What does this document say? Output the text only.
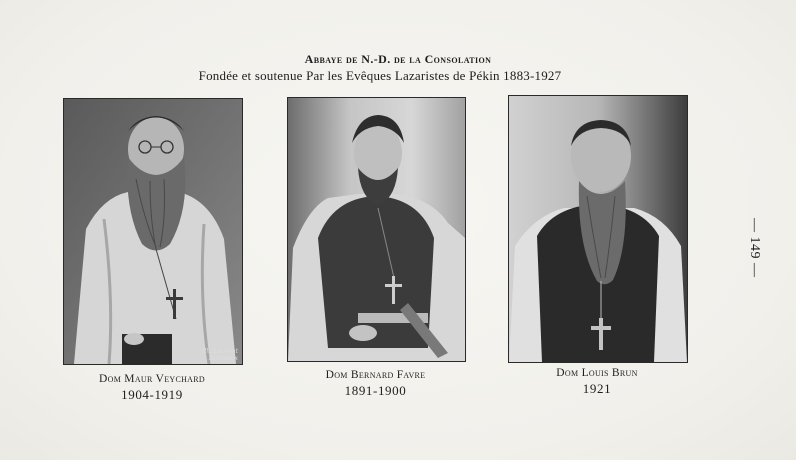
Abbaye de N.-D. de la Consolation
Fondée et soutenue Par les Evêques Lazaristes de Pékin 1883-1927
Ph. Laurent
Bordeaux
Dom Maur Veychard
1904-1919
Dom Bernard Favre
1891-1900
Dom Louis Brun
1921
— 149 —
